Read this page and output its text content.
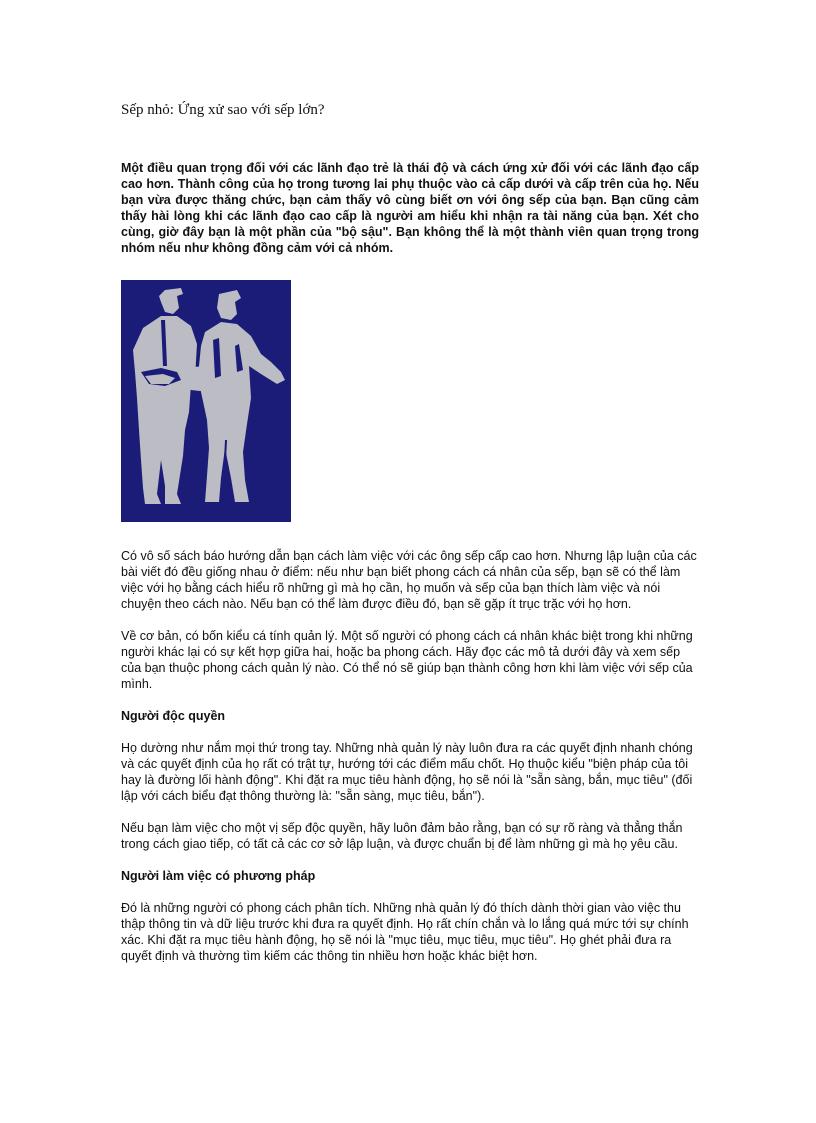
Sếp nhỏ: Ứng xử sao với sếp lớn?

Một điều quan trọng đối với các lãnh đạo trẻ là thái độ và cách ứng xử đối với các lãnh đạo cấp cao hơn. Thành công của họ trong tương lai phụ thuộc vào cả cấp dưới và cấp trên của họ. Nếu bạn vừa được thăng chức, bạn cảm thấy vô cùng biết ơn với ông sếp của bạn. Bạn cũng cảm thấy hài lòng khi các lãnh đạo cao cấp là người am hiểu khi nhận ra tài năng của bạn. Xét cho cùng, giờ đây bạn là một phần của "bộ sậu". Bạn không thể là một thành viên quan trọng trong nhóm nếu như không đồng cảm với cả nhóm.

Có vô số sách báo hướng dẫn bạn cách làm việc với các ông sếp cấp cao hơn. Nhưng lập luận của các bài viết đó đều giống nhau ở điểm: nếu như bạn biết phong cách cá nhân của sếp, bạn sẽ có thể làm việc với họ bằng cách hiểu rõ những gì mà họ cần, họ muốn và sếp của bạn thích làm việc và nói chuyện theo cách nào. Nếu bạn có thể làm được điều đó, bạn sẽ gặp ít trục trặc với họ hơn.

Về cơ bản, có bốn kiểu cá tính quản lý. Một số người có phong cách cá nhân khác biệt trong khi những người khác lại có sự kết hợp giữa hai, hoặc ba phong cách. Hãy đọc các mô tả dưới đây và xem sếp của bạn thuộc phong cách quản lý nào. Có thể nó sẽ giúp bạn thành công hơn khi làm việc với sếp của mình.

Người độc quyền

Họ dường như nắm mọi thứ trong tay. Những nhà quản lý này luôn đưa ra các quyết định nhanh chóng và các quyết định của họ rất có trật tự, hướng tới các điểm mấu chốt. Họ thuộc kiểu "biện pháp của tôi hay là đường lối hành động". Khi đặt ra mục tiêu hành động, họ sẽ nói là "sẵn sàng, bắn, mục tiêu" (đối lập với cách biểu đạt thông thường là: "sẵn sàng, mục tiêu, bắn").

Nếu bạn làm việc cho một vị sếp độc quyền, hãy luôn đảm bảo rằng, bạn có sự rõ ràng và thẳng thắn trong cách giao tiếp, có tất cả các cơ sở lập luận, và được chuẩn bị để làm những gì mà họ yêu cầu.

Người làm việc có phương pháp

Đó là những người có phong cách phân tích. Những nhà quản lý đó thích dành thời gian vào việc thu thập thông tin và dữ liệu trước khi đưa ra quyết định. Họ rất chín chắn và lo lắng quá mức tới sự chính xác. Khi đặt ra mục tiêu hành động, họ sẽ nói là "mục tiêu, mục tiêu, mục tiêu". Họ ghét phải đưa ra quyết định và thường tìm kiếm các thông tin nhiều hơn hoặc khác biệt hơn.
